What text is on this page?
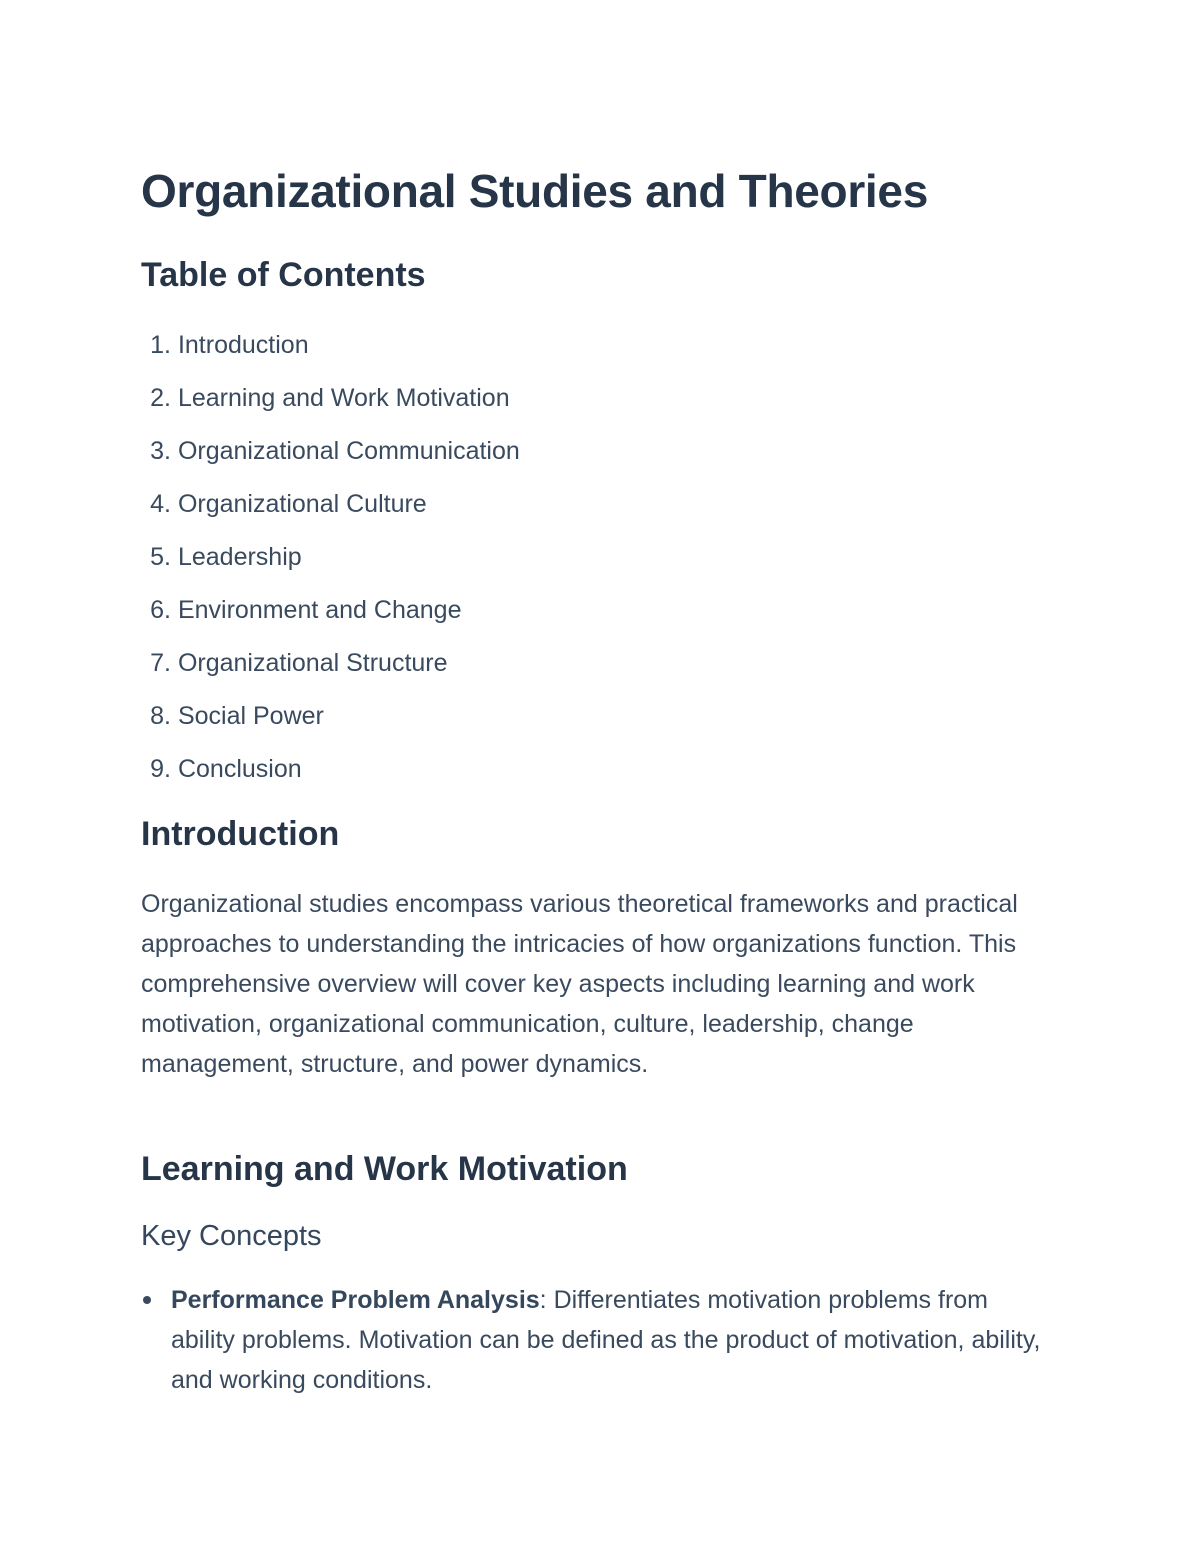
Organizational Studies and Theories
Table of Contents
1. Introduction
2. Learning and Work Motivation
3. Organizational Communication
4. Organizational Culture
5. Leadership
6. Environment and Change
7. Organizational Structure
8. Social Power
9. Conclusion
Introduction

Organizational studies encompass various theoretical frameworks and practical approaches to understanding the intricacies of how organizations function. This comprehensive overview will cover key aspects including learning and work motivation, organizational communication, culture, leadership, change management, structure, and power dynamics.

Learning and Work Motivation
Key Concepts
Performance Problem Analysis: Differentiates motivation problems from ability problems. Motivation can be defined as the product of motivation, ability, and working conditions.
